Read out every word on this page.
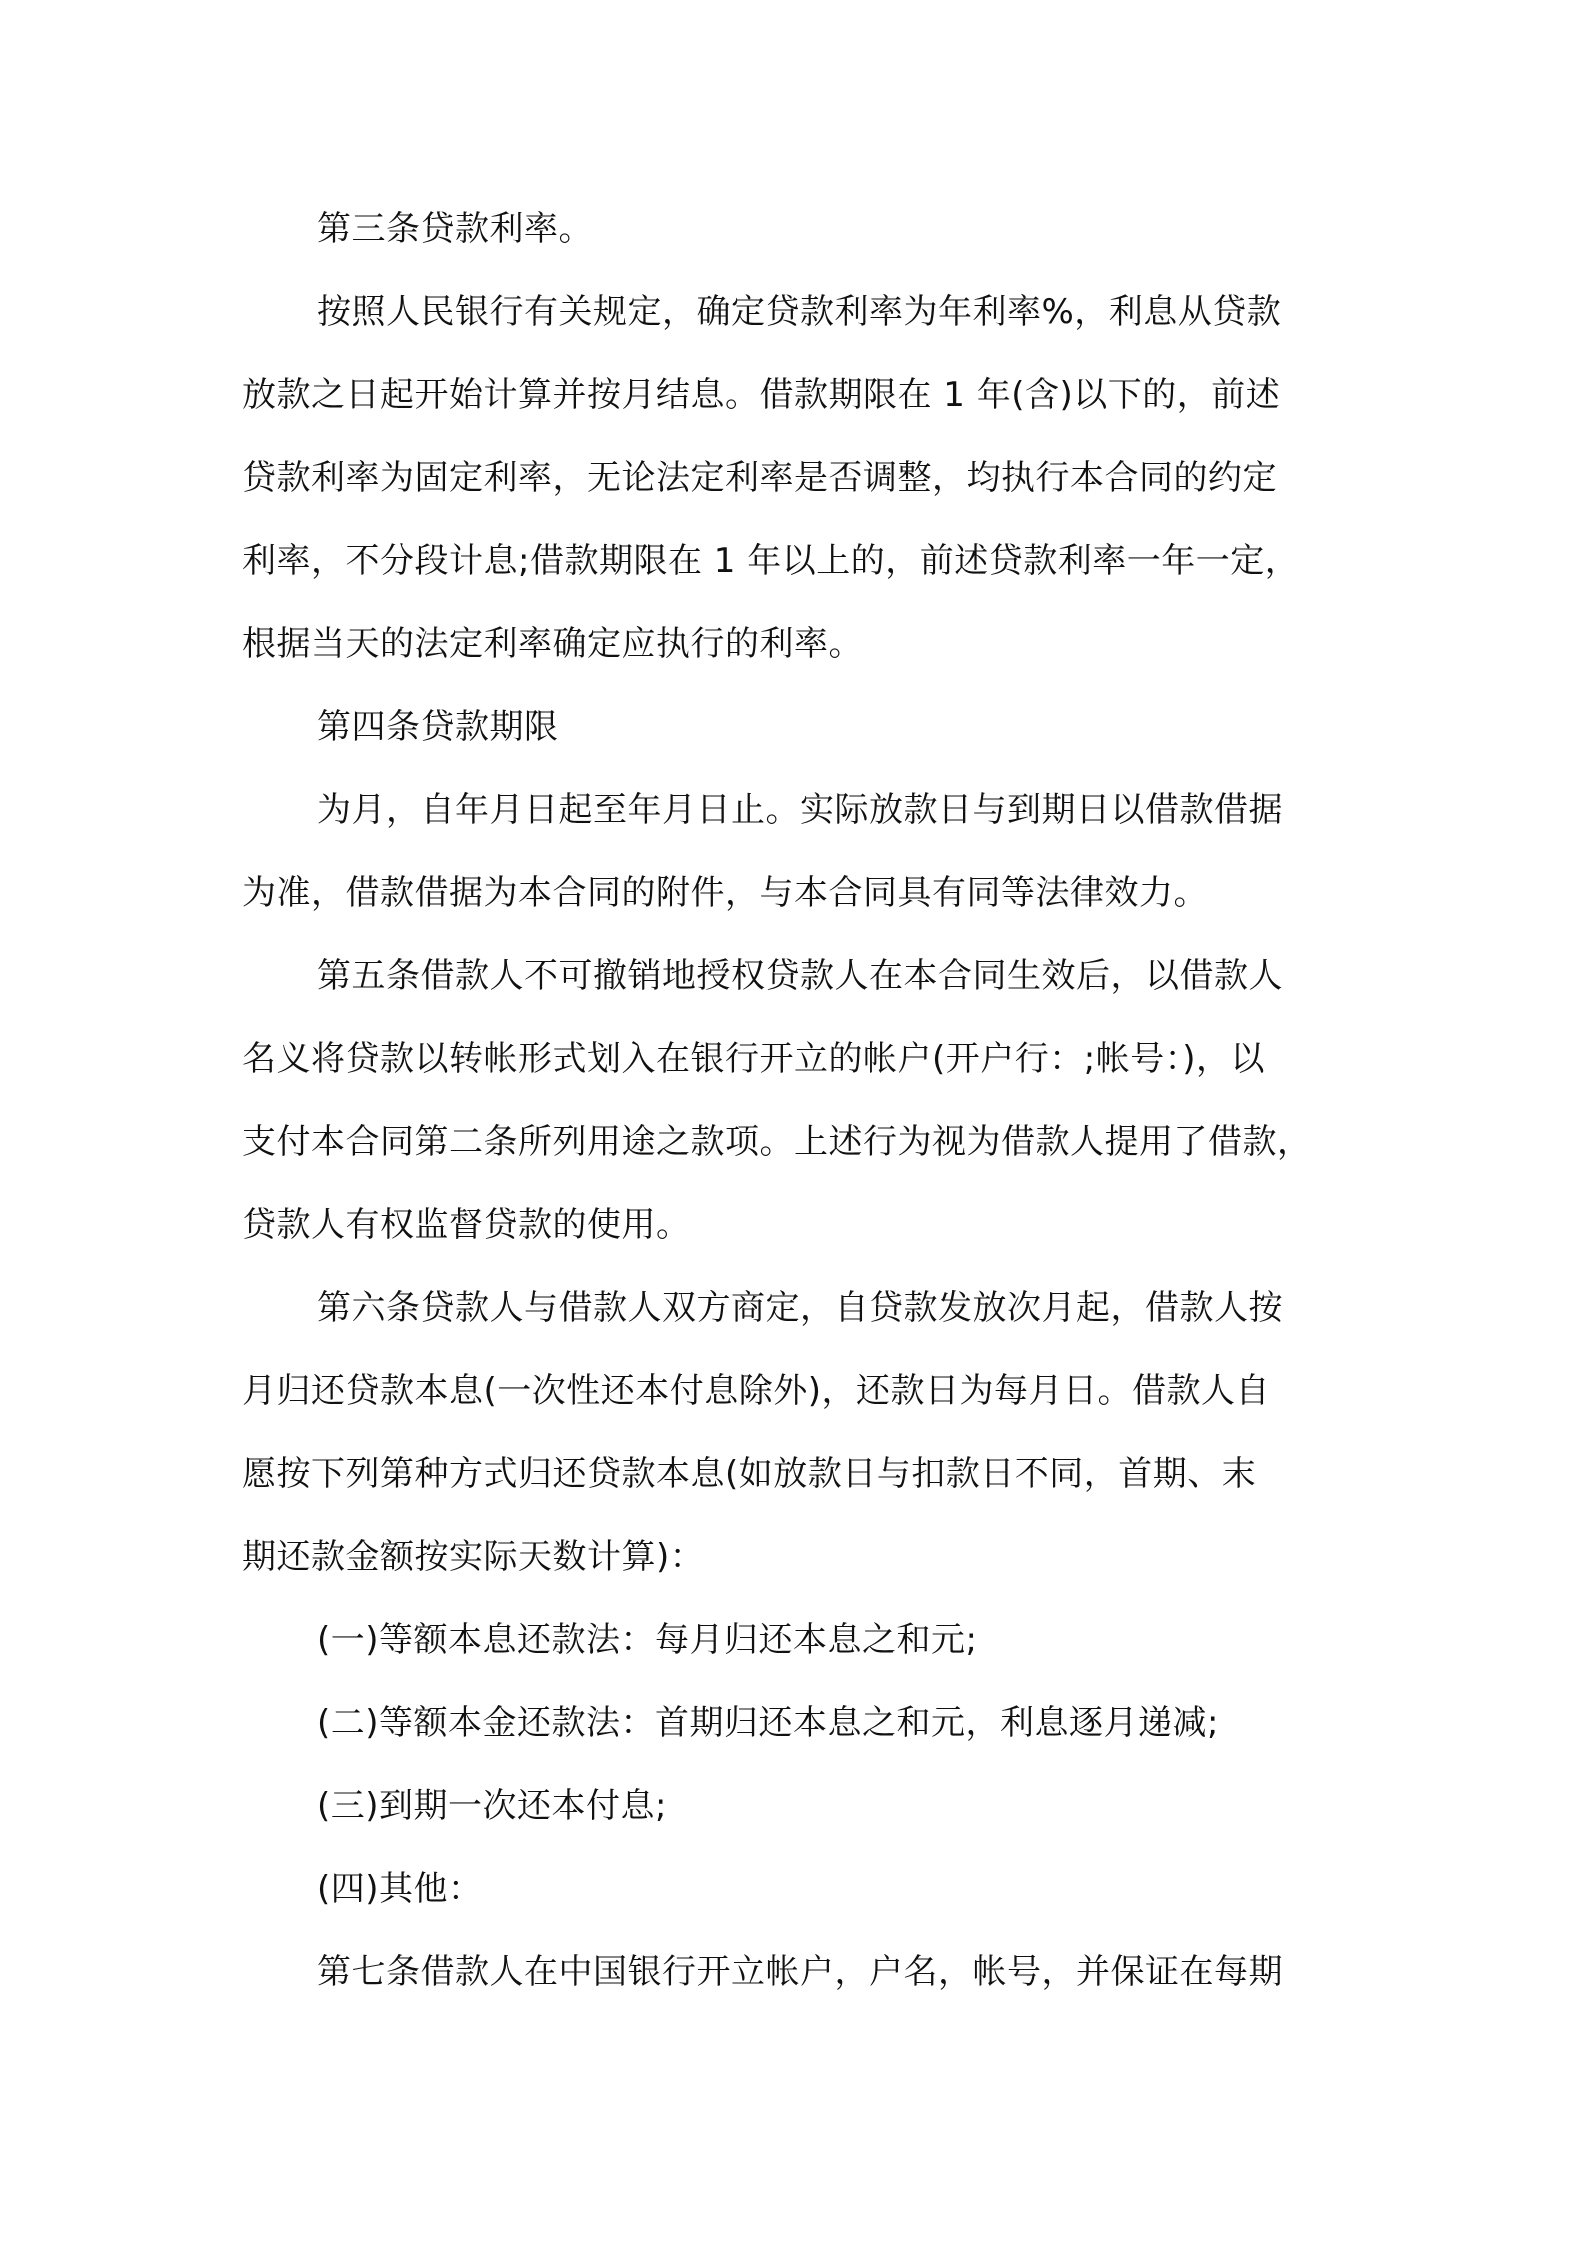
第三条贷款利率。
按照人民银行有关规定，确定贷款利率为年利率%，利息从贷款
放款之日起开始计算并按月结息。借款期限在 1 年(含)以下的，前述
贷款利率为固定利率，无论法定利率是否调整，均执行本合同的约定
利率，不分段计息;借款期限在 1 年以上的，前述贷款利率一年一定，
根据当天的法定利率确定应执行的利率。
第四条贷款期限
为月，自年月日起至年月日止。实际放款日与到期日以借款借据
为准，借款借据为本合同的附件，与本合同具有同等法律效力。
第五条借款人不可撤销地授权贷款人在本合同生效后，以借款人
名义将贷款以转帐形式划入在银行开立的帐户(开户行：;帐号：)，以
支付本合同第二条所列用途之款项。上述行为视为借款人提用了借款，
贷款人有权监督贷款的使用。
第六条贷款人与借款人双方商定，自贷款发放次月起，借款人按
月归还贷款本息(一次性还本付息除外)，还款日为每月日。借款人自
愿按下列第种方式归还贷款本息(如放款日与扣款日不同，首期、末
期还款金额按实际天数计算)：
(一)等额本息还款法：每月归还本息之和元;
(二)等额本金还款法：首期归还本息之和元，利息逐月递减;
(三)到期一次还本付息;
(四)其他：
第七条借款人在中国银行开立帐户，户名，帐号，并保证在每期
